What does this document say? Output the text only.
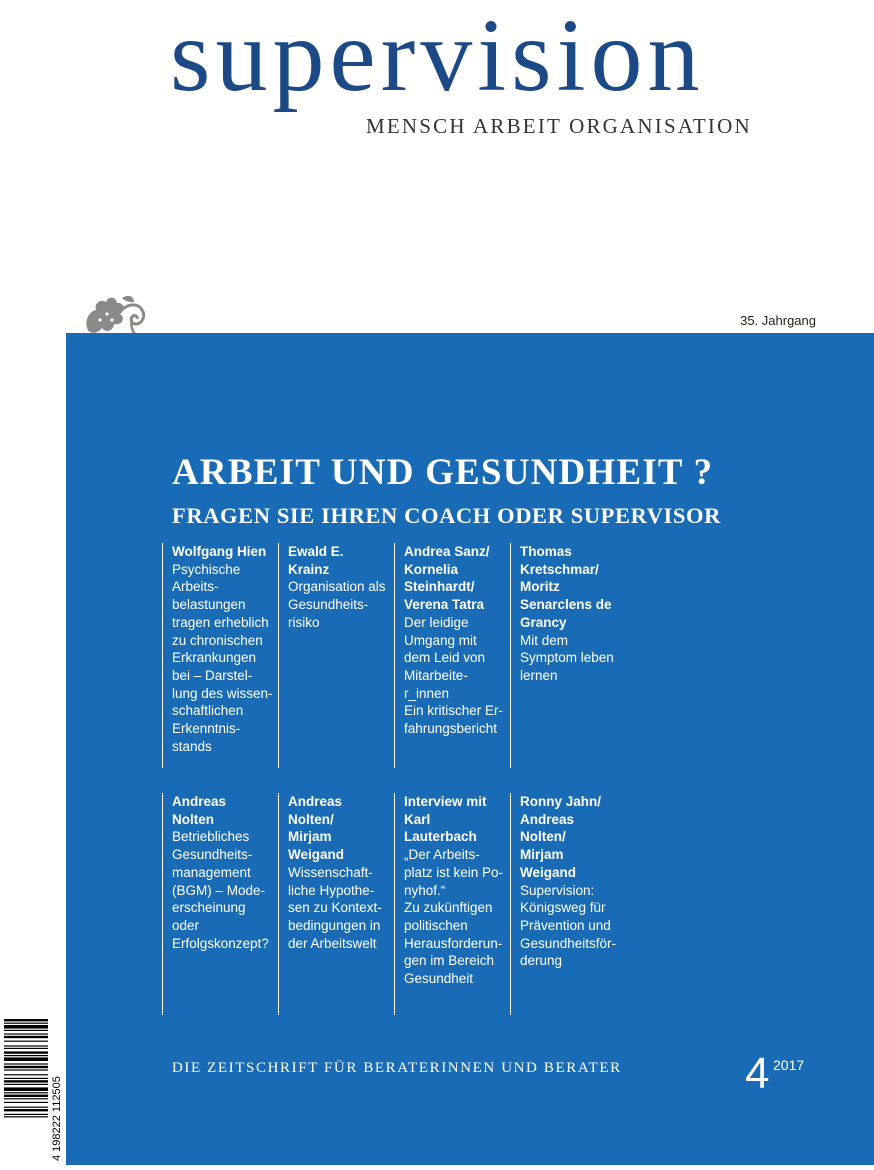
supervision
MENSCH ARBEIT ORGANISATION
35. Jahrgang
ARBEIT UND GESUNDHEIT ?
FRAGEN SIE IHREN COACH ODER SUPERVISOR
Wolfgang Hien
Psychische
Arbeits-
belastungen
tragen erheblich
zu chronischen
Erkrankungen
bei – Darstel-
lung des wissen-
schaftlichen
Erkenntnis-
stands
Ewald E.
Krainz
Organisation als
Gesundheits-
risiko
Andrea Sanz/
Kornelia
Steinhardt/
Verena Tatra
Der leidige
Umgang mit
dem Leid von
Mitarbeite-
r_innen
Ein kritischer Er-
fahrungsbericht
Thomas
Kretschmar/
Moritz
Senarclens de
Grancy
Mit dem
Symptom leben
lernen
Andreas
Nolten
Betriebliches
Gesundheits-
management
(BGM) – Mode-
erscheinung
oder
Erfolgskonzept?
Andreas
Nolten/
Mirjam
Weigand
Wissenschaft-
liche Hypothe-
sen zu Kontext-
bedingungen in
der Arbeitswelt
Interview mit
Karl
Lauterbach
„Der Arbeits-
platz ist kein Po-
nyhof.“
Zu zukünftigen
politischen
Herausforderun-
gen im Bereich
Gesundheit
Ronny Jahn/
Andreas
Nolten/
Mirjam
Weigand
Supervision:
Königsweg für
Prävention und
Gesundheitsför-
derung
DIE ZEITSCHRIFT FÜR BERATERINNEN UND BERATER	4 2017
4 198222 112505
